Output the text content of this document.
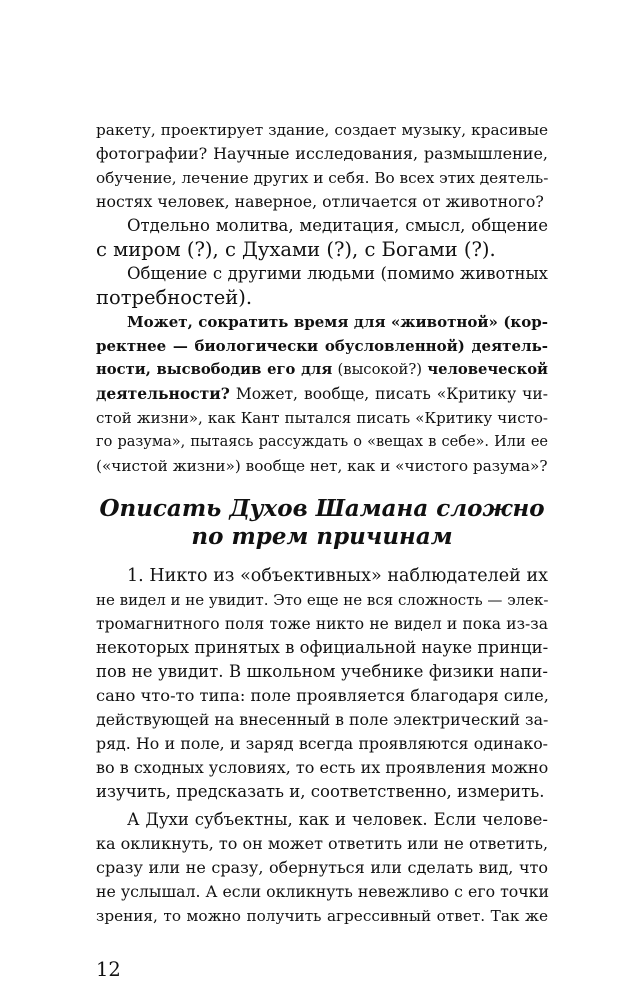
ракету, проектирует здание, создает музыку, красивые
фотографии? Научные исследования, размышление,
обучение, лечение других и себя. Во всех этих деятель-
ностях человек, наверное, отличается от животного?
Отдельно молитва, медитация, смысл, общение
с миром (?), с Духами (?), с Богами (?).
Общение с другими людьми (помимо животных
потребностей).
Может, сократить время для «животной» (кор-
ректнее — биологически обусловленной) деятель-
ности, высвободив его для (высокой?) человеческой
деятельности? Может, вообще, писать «Критику чи-
стой жизни», как Кант пытался писать «Критику чисто-
го разума», пытаясь рассуждать о «вещах в себе». Или ее
(«чистой жизни») вообще нет, как и «чистого разума»?
Описать Духов Шамана сложно
по трем причинам
1. Никто из «объективных» наблюдателей их
не видел и не увидит. Это еще не вся сложность — элек-
тромагнитного поля тоже никто не видел и пока из-за
некоторых принятых в официальной науке принци-
пов не увидит. В школьном учебнике физики напи-
сано что-то типа: поле проявляется благодаря силе,
действующей на внесенный в поле электрический за-
ряд. Но и поле, и заряд всегда проявляются одинако-
во в сходных условиях, то есть их проявления можно
изучить, предсказать и, соответственно, измерить.
А Духи субъектны, как и человек. Если челове-
ка окликнуть, то он может ответить или не ответить,
сразу или не сразу, обернуться или сделать вид, что
не услышал. А если окликнуть невежливо с его точки
зрения, то можно получить агрессивный ответ. Так же
12
